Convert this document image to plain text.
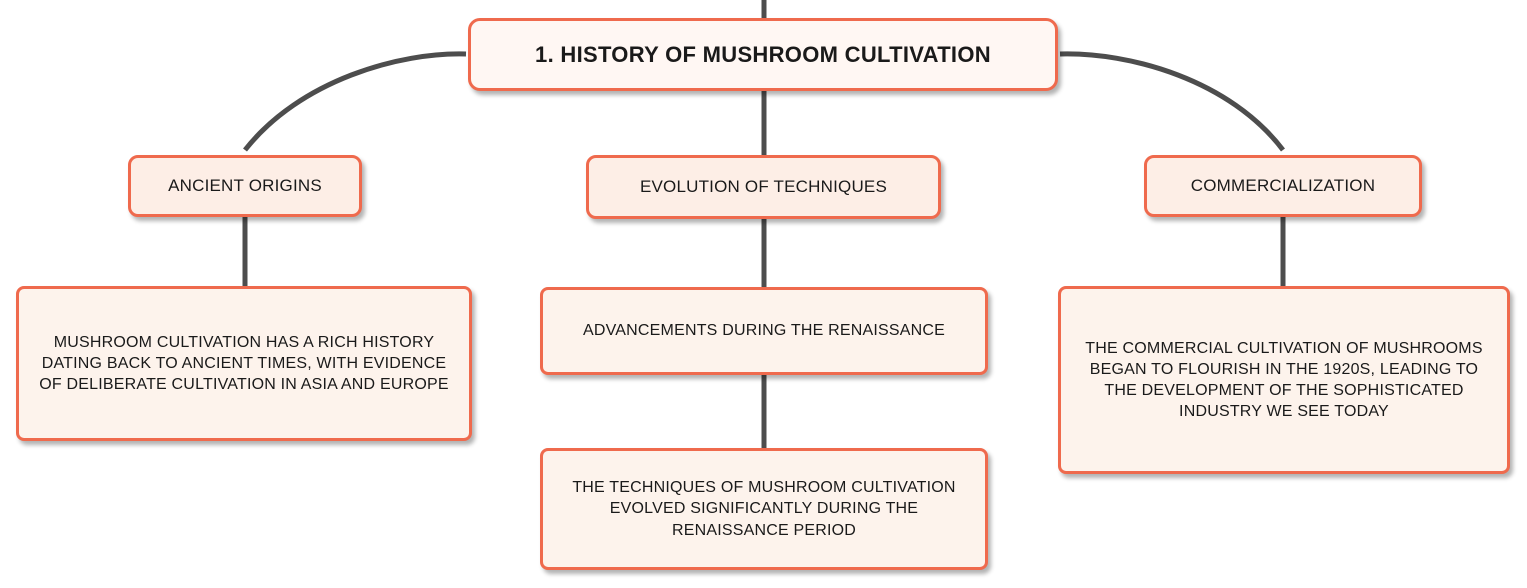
1. HISTORY OF MUSHROOM CULTIVATION
ANCIENT ORIGINS	EVOLUTION OF TECHNIQUES	COMMERCIALIZATION
MUSHROOM CULTIVATION HAS A RICH HISTORY DATING BACK TO ANCIENT TIMES, WITH EVIDENCE OF DELIBERATE CULTIVATION IN ASIA AND EUROPE
ADVANCEMENTS DURING THE RENAISSANCE
THE TECHNIQUES OF MUSHROOM CULTIVATION EVOLVED SIGNIFICANTLY DURING THE RENAISSANCE PERIOD
THE COMMERCIAL CULTIVATION OF MUSHROOMS BEGAN TO FLOURISH IN THE 1920S, LEADING TO THE DEVELOPMENT OF THE SOPHISTICATED INDUSTRY WE SEE TODAY
